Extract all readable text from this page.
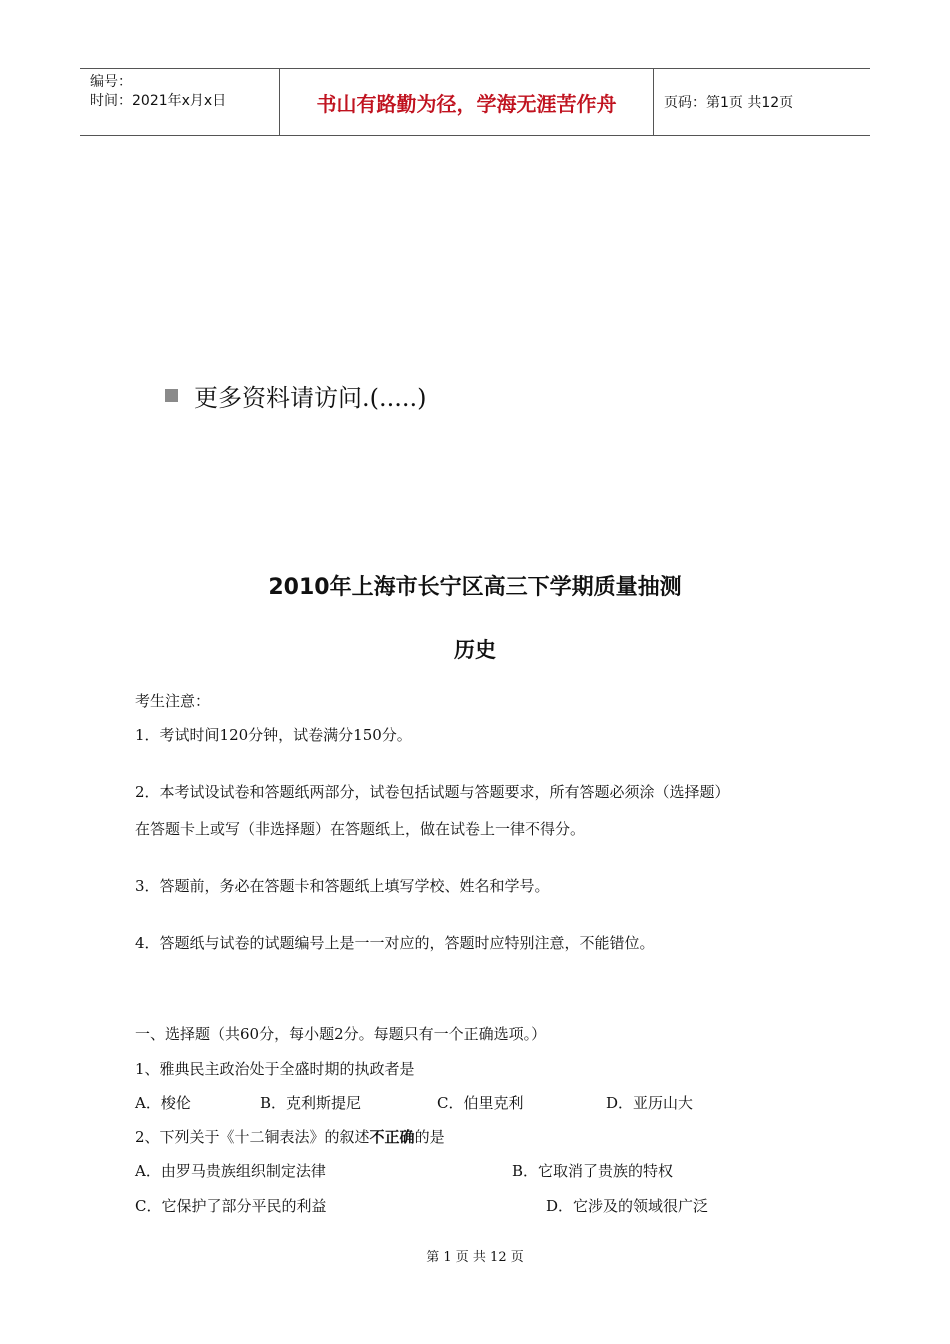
编号：
时间：2021年x月x日	书山有路勤为径，学海无涯苦作舟	页码：第1页 共12页
更多资料请访问.(.....)
2010年上海市长宁区高三下学期质量抽测
历史
考生注意：
1．考试时间120分钟，试卷满分150分。
2．本考试设试卷和答题纸两部分，试卷包括试题与答题要求，所有答题必须涂（选择题）
在答题卡上或写（非选择题）在答题纸上，做在试卷上一律不得分。
3．答题前，务必在答题卡和答题纸上填写学校、姓名和学号。
4．答题纸与试卷的试题编号上是一一对应的，答题时应特别注意，不能错位。
一、选择题（共60分，每小题2分。每题只有一个正确选项。）
1、雅典民主政治处于全盛时期的执政者是
A．梭伦	B．克利斯提尼	C．伯里克利	D．亚历山大
2、下列关于《十二铜表法》的叙述不正确的是
A．由罗马贵族组织制定法律	B．它取消了贵族的特权
C．它保护了部分平民的利益	D．它涉及的领域很广泛
第 1 页 共 12 页
